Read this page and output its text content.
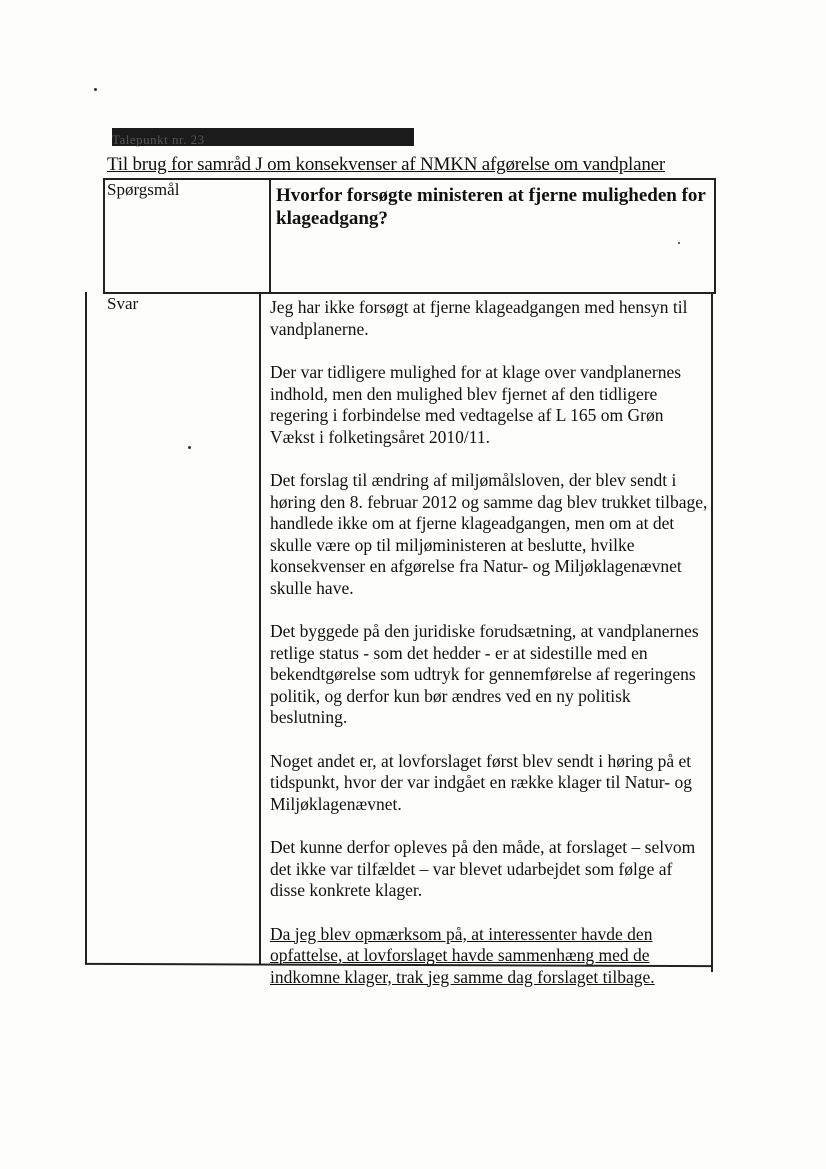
Talepunkt nr. 23
Til brug for samråd J om konsekvenser af NMKN afgørelse om vandplaner
Spørgsmål	Hvorfor forsøgte ministeren at fjerne muligheden for klageadgang?
Svar	Jeg har ikke forsøgt at fjerne klageadgangen med hensyn til vandplanerne.

Der var tidligere mulighed for at klage over vandplanernes indhold, men den mulighed blev fjernet af den tidligere regering i forbindelse med vedtagelse af L 165 om Grøn Vækst i folketingsåret 2010/11.

Det forslag til ændring af miljømålsloven, der blev sendt i høring den 8. februar 2012 og samme dag blev trukket tilbage, handlede ikke om at fjerne klageadgangen, men om at det skulle være op til miljøministeren at beslutte, hvilke konsekvenser en afgørelse fra Natur- og Miljøklagenævnet skulle have.

Det byggede på den juridiske forudsætning, at vandplanernes retlige status - som det hedder - er at sidestille med en bekendtgørelse som udtryk for gennemførelse af regeringens politik, og derfor kun bør ændres ved en ny politisk beslutning.

Noget andet er, at lovforslaget først blev sendt i høring på et tidspunkt, hvor der var indgået en række klager til Natur- og Miljøklagenævnet.

Det kunne derfor opleves på den måde, at forslaget – selvom det ikke var tilfældet – var blevet udarbejdet som følge af disse konkrete klager.

Da jeg blev opmærksom på, at interessenter havde den opfattelse, at lovforslaget havde sammenhæng med de indkomne klager, trak jeg samme dag forslaget tilbage.
